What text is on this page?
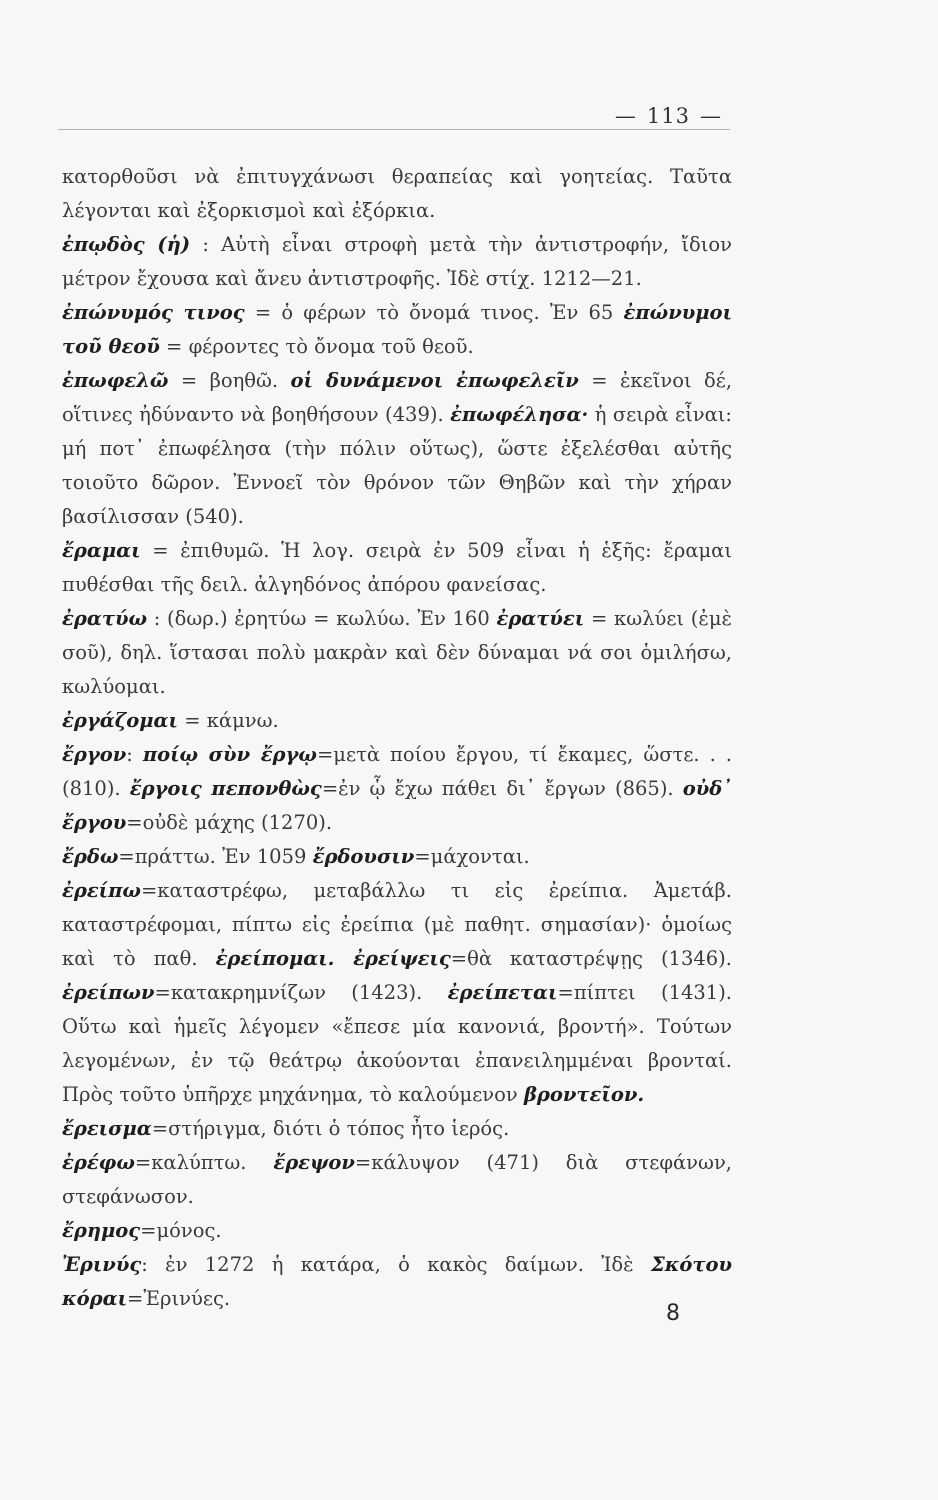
— 113 —

κατορθοῦσι νὰ ἐπιτυγχάνωσι θεραπείας καὶ γοητείας. Ταῦτα λέγονται καὶ ἐξορκισμοὶ καὶ ἐξόρκια.

ἐπῳδὸς (ἡ) : Αὐτὴ εἶναι στροφὴ μετὰ τὴν ἀντιστροφήν, ἴδιον μέτρον ἔχουσα καὶ ἄνευ ἀντιστροφῆς. Ἰδὲ στίχ. 1212—21.

ἐπώνυμός τινος = ὁ φέρων τὸ ὄνομά τινος. Ἐν 65 ἐπώνυμοι τοῦ θεοῦ = φέροντες τὸ ὄνομα τοῦ θεοῦ.

ἐπωφελῶ = βοηθῶ. οἱ δυνάμενοι ἐπωφελεῖν = ἐκεῖνοι δέ, οἵτινες ἠδύναντο νὰ βοηθήσουν (439). ἐπωφέλησα· ἡ σειρὰ εἶναι: μή ποτ᾽ ἐπωφέλησα (τὴν πόλιν οὕτως), ὥστε ἐξελέσθαι αὐτῆς τοιοῦτο δῶρον. Ἐννοεῖ τὸν θρόνον τῶν Θηβῶν καὶ τὴν χήραν βασίλισσαν (540).

ἔραμαι = ἐπιθυμῶ. Ἡ λογ. σειρὰ ἐν 509 εἶναι ἡ ἑξῆς: ἔραμαι πυθέσθαι τῆς δειλ. ἀλγηδόνος ἀπόρου φανείσας.

ἐρατύω : (δωρ.) ἐρητύω = κωλύω. Ἐν 160 ἐρατύει = κωλύει (ἐμὲ σοῦ), δηλ. ἵστασαι πολὺ μακρὰν καὶ δὲν δύναμαι νά σοι ὁμιλήσω, κωλύομαι.

ἐργάζομαι = κάμνω.

ἔργον: ποίῳ σὺν ἔργῳ=μετὰ ποίου ἔργου, τί ἔκαμες, ὥστε. . . (810). ἔργοις πεπονθὼς=ἐν ᾧ ἔχω πάθει δι᾽ ἔργων (865). οὐδ᾽ ἔργου=οὐδὲ μάχης (1270).

ἔρδω=πράττω. Ἐν 1059 ἔρδουσιν=μάχονται.

ἐρείπω=καταστρέφω, μεταβάλλω τι εἰς ἐρείπια. Ἀμετάβ. καταστρέφομαι, πίπτω εἰς ἐρείπια (μὲ παθητ. σημασίαν)· ὁμοίως καὶ τὸ παθ. ἐρείπομαι. ἐρείψεις=θὰ καταστρέψῃς (1346). ἐρείπων=κατακρημνίζων (1423). ἐρείπεται=πίπτει (1431). Οὕτω καὶ ἡμεῖς λέγομεν «ἔπεσε μία κανονιά, βροντή». Τούτων λεγομένων, ἐν τῷ θεάτρῳ ἀκούονται ἐπανειλημμέναι βρονταί. Πρὸς τοῦτο ὑπῆρχε μηχάνημα, τὸ καλούμενον βροντεῖον.

ἔρεισμα=στήριγμα, διότι ὁ τόπος ἦτο ἱερός.

ἐρέφω=καλύπτω. ἔρεψον=κάλυψον (471) διὰ στεφάνων, στεφάνωσον.

ἔρημος=μόνος.

Ἐρινύς: ἐν 1272 ἡ κατάρα, ὁ κακὸς δαίμων. Ἰδὲ Σκότου κόραι=Ἐρινύες.

8
